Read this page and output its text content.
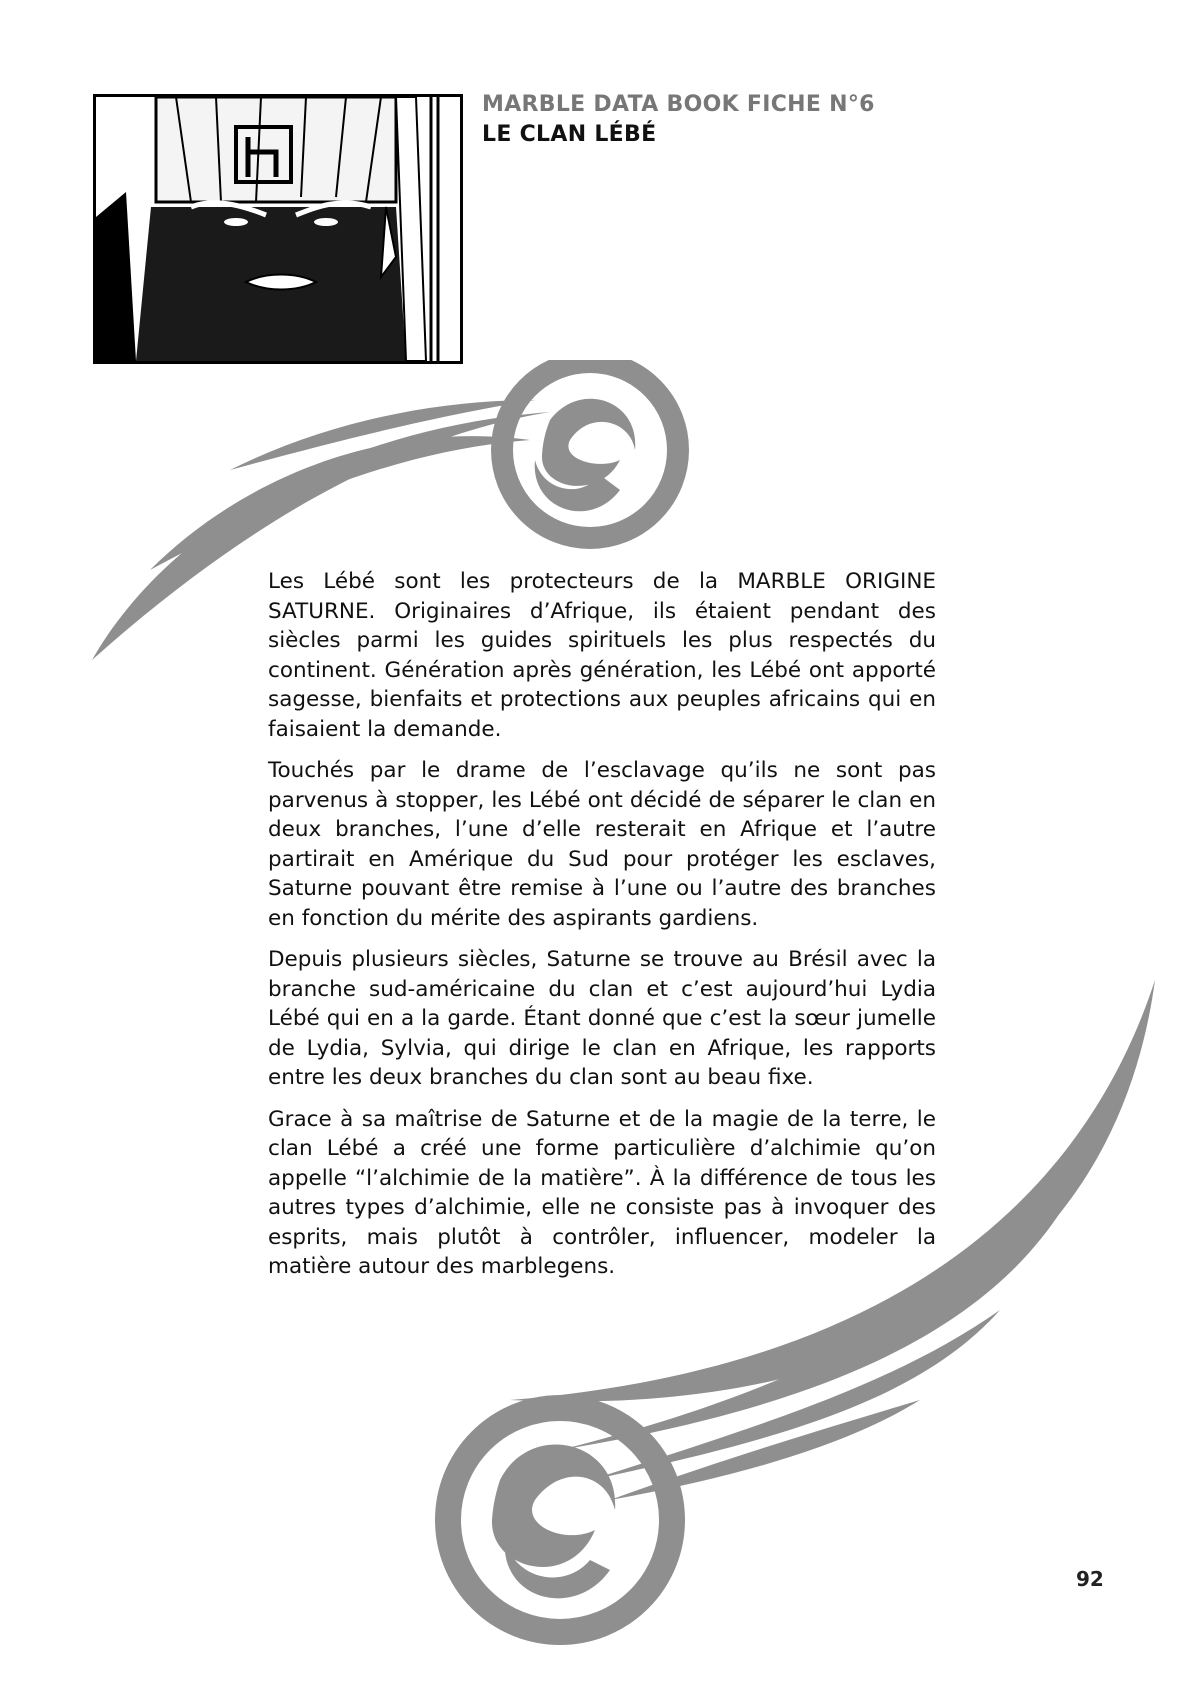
MARBLE DATA BOOK FICHE N°6
LE CLAN LÉBÉ

Les Lébé sont les protecteurs de la MARBLE ORIGINE SATURNE. Originaires d’Afrique, ils étaient pendant des siècles parmi les guides spirituels les plus respectés du continent. Génération après génération, les Lébé ont apporté sagesse, bienfaits et protections aux peuples africains qui en faisaient la demande.

Touchés par le drame de l’esclavage qu’ils ne sont pas parvenus à stopper, les Lébé ont décidé de séparer le clan en deux branches, l’une d’elle resterait en Afrique et l’autre partirait en Amérique du Sud pour protéger les esclaves, Saturne pouvant être remise à l’une ou l’autre des branches en fonction du mérite des aspirants gardiens.

Depuis plusieurs siècles, Saturne se trouve au Brésil avec la branche sud-américaine du clan et c’est aujourd’hui Lydia Lébé qui en a la garde. Étant donné que c’est la sœur jumelle de Lydia, Sylvia, qui dirige le clan en Afrique, les rapports entre les deux branches du clan sont au beau fixe.

Grace à sa maîtrise de Saturne et de la magie de la terre, le clan Lébé a créé une forme particulière d’alchimie qu’on appelle “l’alchimie de la matière”. À la différence de tous les autres types d’alchimie, elle ne consiste pas à invoquer des esprits, mais plutôt à contrôler, influencer, modeler la matière autour des marblegens.

92
